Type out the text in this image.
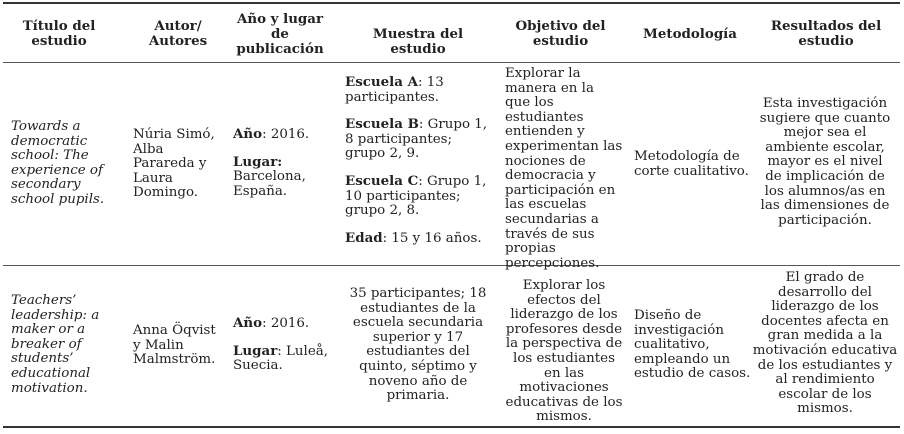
Título del estudio
Autor/ Autores
Año y lugar de publicación
Muestra del estudio
Objetivo del estudio	Metodología	Resultados del estudio
Towards a democratic school: The experience of secondary school pupils.
Núria Simó, Alba Parareda y Laura Domingo.

Año: 2016.

Lugar:
Barcelona, España.

Escuela A: 13 participantes.

Escuela B: Grupo 1, 8 participantes; grupo 2, 9.

Escuela C: Grupo 1, 10 participantes; grupo 2, 8.

Edad: 15 y 16 años.

Explorar la manera en la que los estudiantes entienden y experimentan las nociones de democracia y participación en las escuelas secundarias a través de sus propias percepciones.
Metodología de corte cualitativo.
Esta investigación sugiere que cuanto mejor sea el ambiente escolar, mayor es el nivel de implicación de los alumnos/as en las dimensiones de participación.
Teachers’ leadership: a maker or a breaker of students’ educational motivation.
Anna Öqvist y Malin Malmström.

Año: 2016.

Lugar: Luleå, Suecia.

35 participantes; 18 estudiantes de la escuela secundaria superior y 17 estudiantes del quinto, séptimo y noveno año de primaria.
Explorar los efectos del liderazgo de los profesores desde la perspectiva de los estudiantes en las motivaciones educativas de los mismos.
Diseño de investigación cualitativo, empleando un estudio de casos.
El grado de desarrollo del liderazgo de los docentes afecta en gran medida a la motivación educativa de los estudiantes y al rendimiento escolar de los mismos.
